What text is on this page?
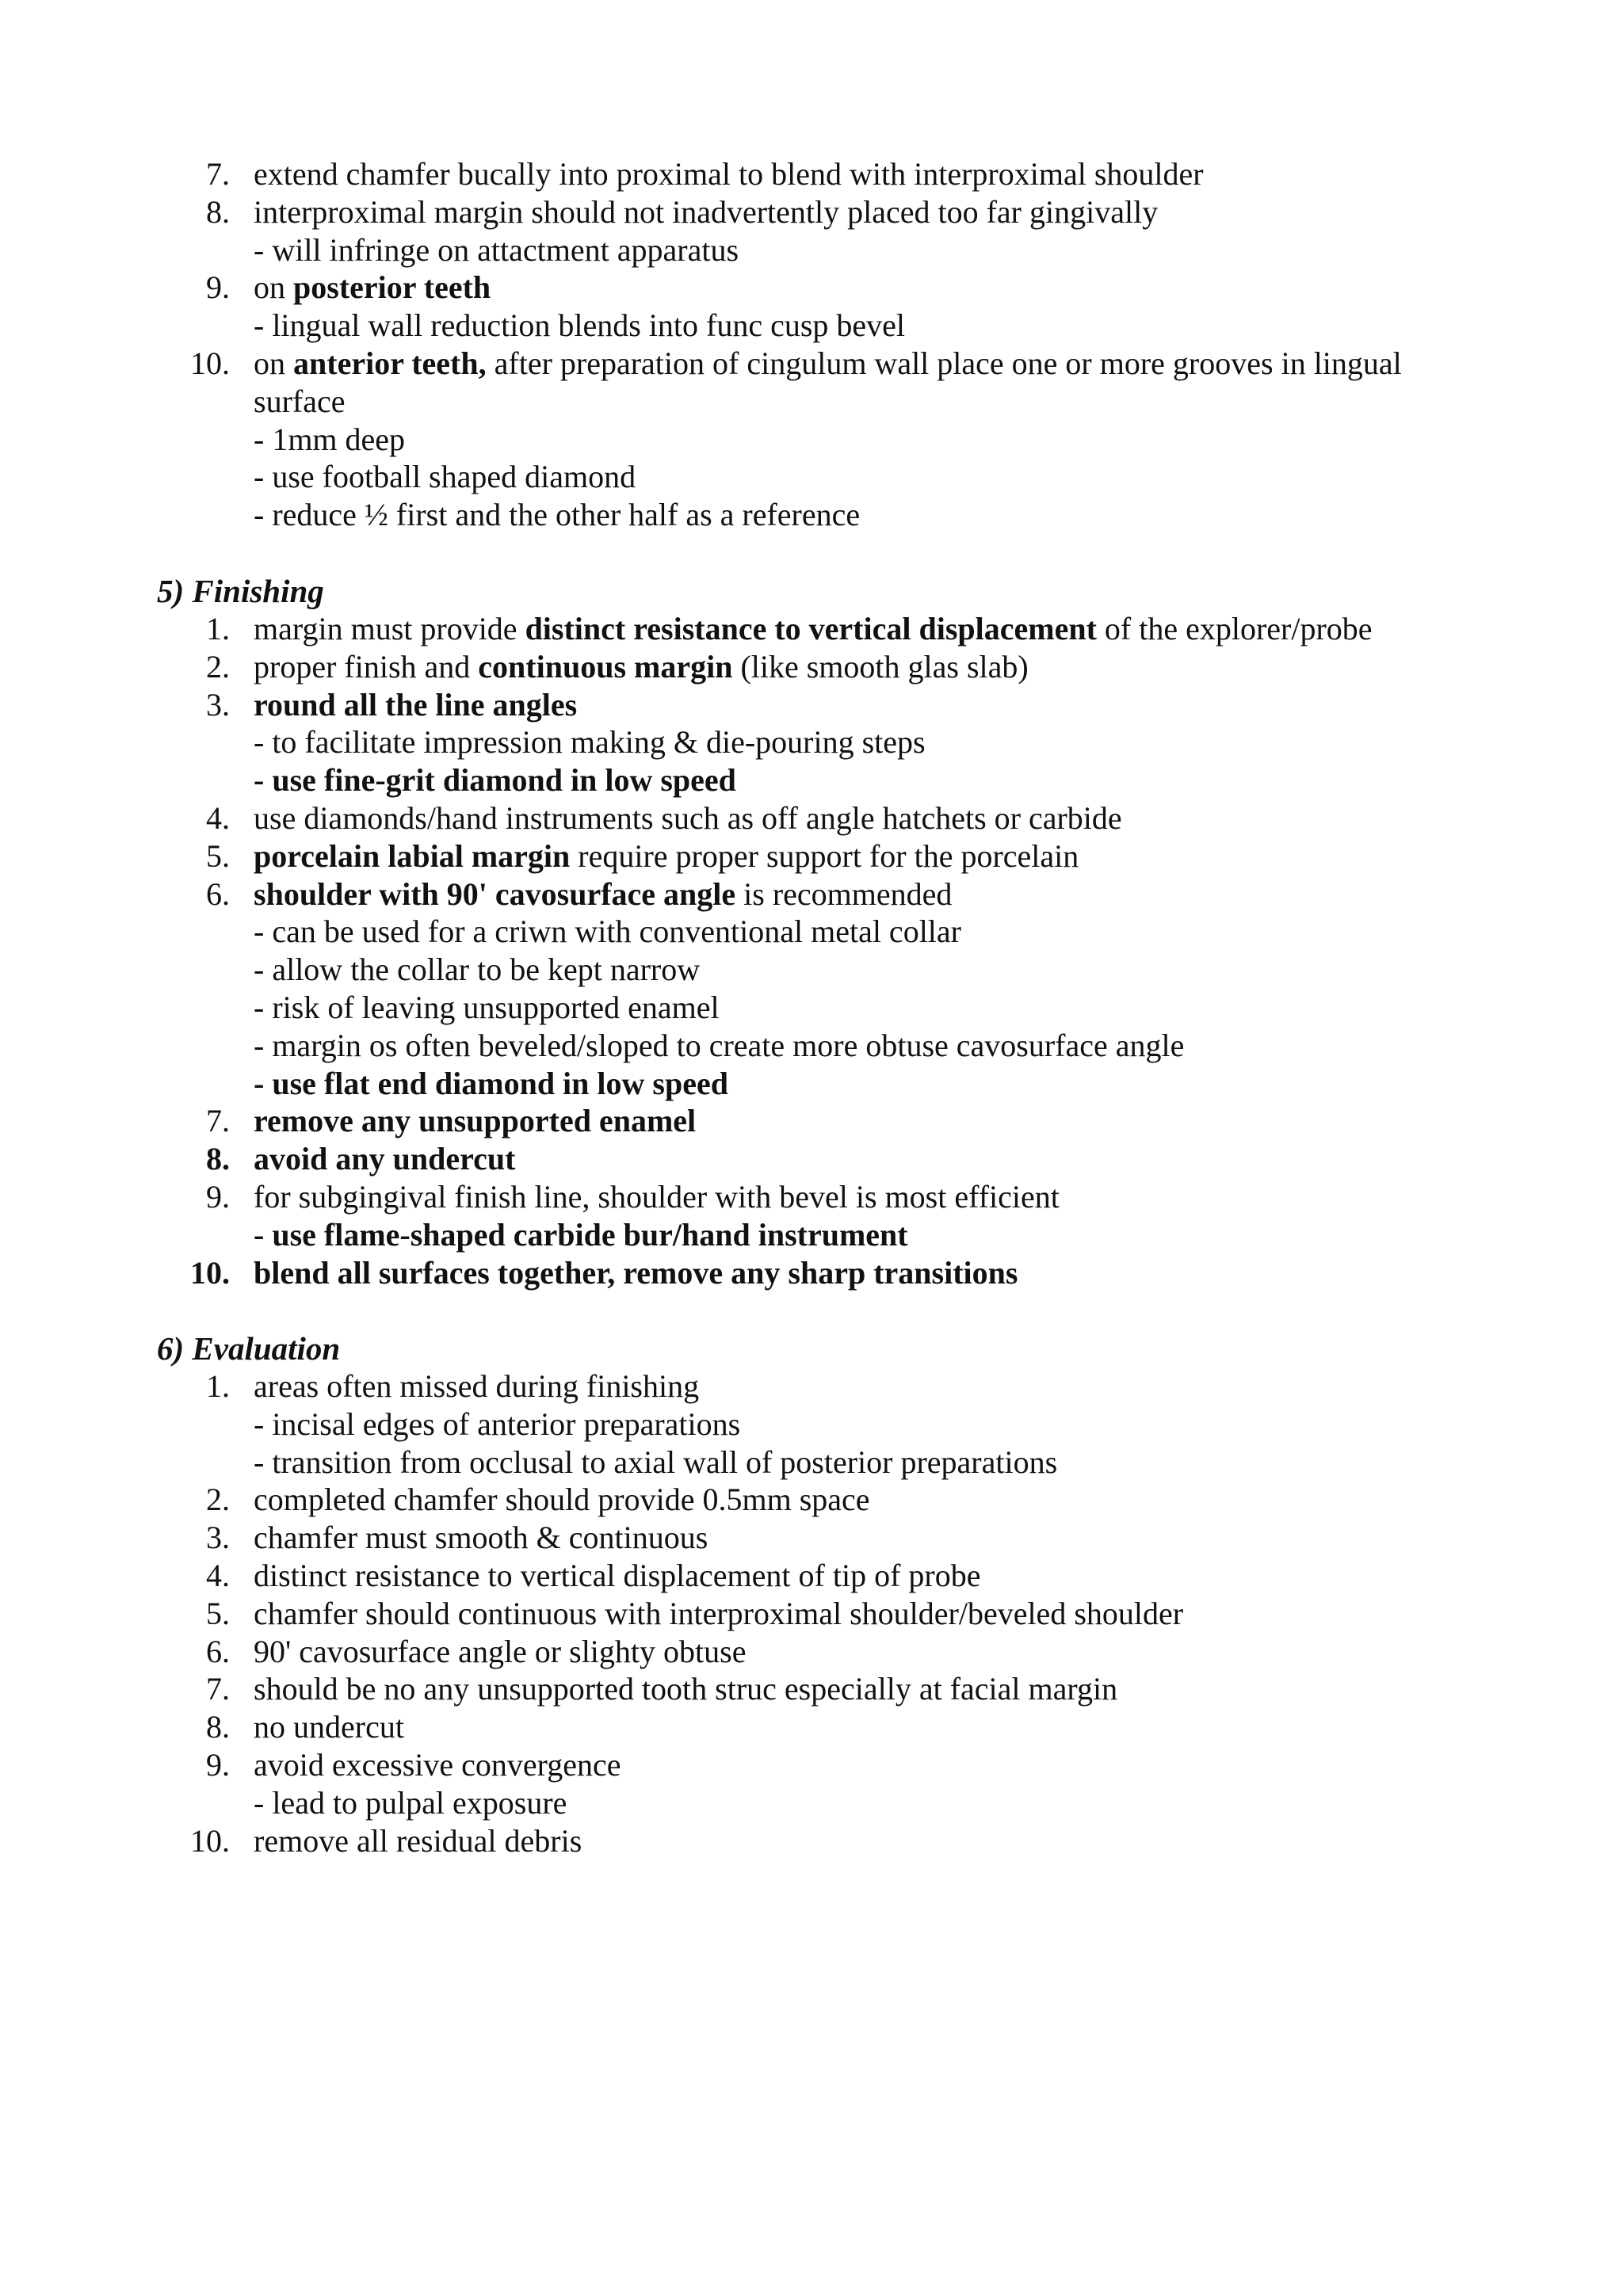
7. extend chamfer bucally into proximal to blend with interproximal shoulder
8. interproximal margin should not inadvertently placed too far gingivally
- will infringe on attactment apparatus
9. on posterior teeth
- lingual wall reduction blends into func cusp bevel
10. on anterior teeth, after preparation of cingulum wall place one or more grooves in lingual
surface
- 1mm deep
- use football shaped diamond
- reduce ½ first and the other half as a reference
5) Finishing
1. margin must provide distinct resistance to vertical displacement of the explorer/probe
2. proper finish and continuous margin (like smooth glas slab)
3. round all the line angles
- to facilitate impression making & die-pouring steps
- use fine-grit diamond in low speed
4. use diamonds/hand instruments such as off angle hatchets or carbide
5. porcelain labial margin require proper support for the porcelain
6. shoulder with 90' cavosurface angle is recommended
- can be used for a criwn with conventional metal collar
- allow the collar to be kept narrow
- risk of leaving unsupported enamel
- margin os often beveled/sloped to create more obtuse cavosurface angle
- use flat end diamond in low speed
7. remove any unsupported enamel
8. avoid any undercut
9. for subgingival finish line, shoulder with bevel is most efficient
- use flame-shaped carbide bur/hand instrument
10. blend all surfaces together, remove any sharp transitions
6) Evaluation
1. areas often missed during finishing
- incisal edges of anterior preparations
- transition from occlusal to axial wall of posterior preparations
2. completed chamfer should provide 0.5mm space
3. chamfer must smooth & continuous
4. distinct resistance to vertical displacement of tip of probe
5. chamfer should continuous with interproximal shoulder/beveled shoulder
6. 90' cavosurface angle or slighty obtuse
7. should be no any unsupported tooth struc especially at facial margin
8. no undercut
9. avoid excessive convergence
- lead to pulpal exposure
10. remove all residual debris
